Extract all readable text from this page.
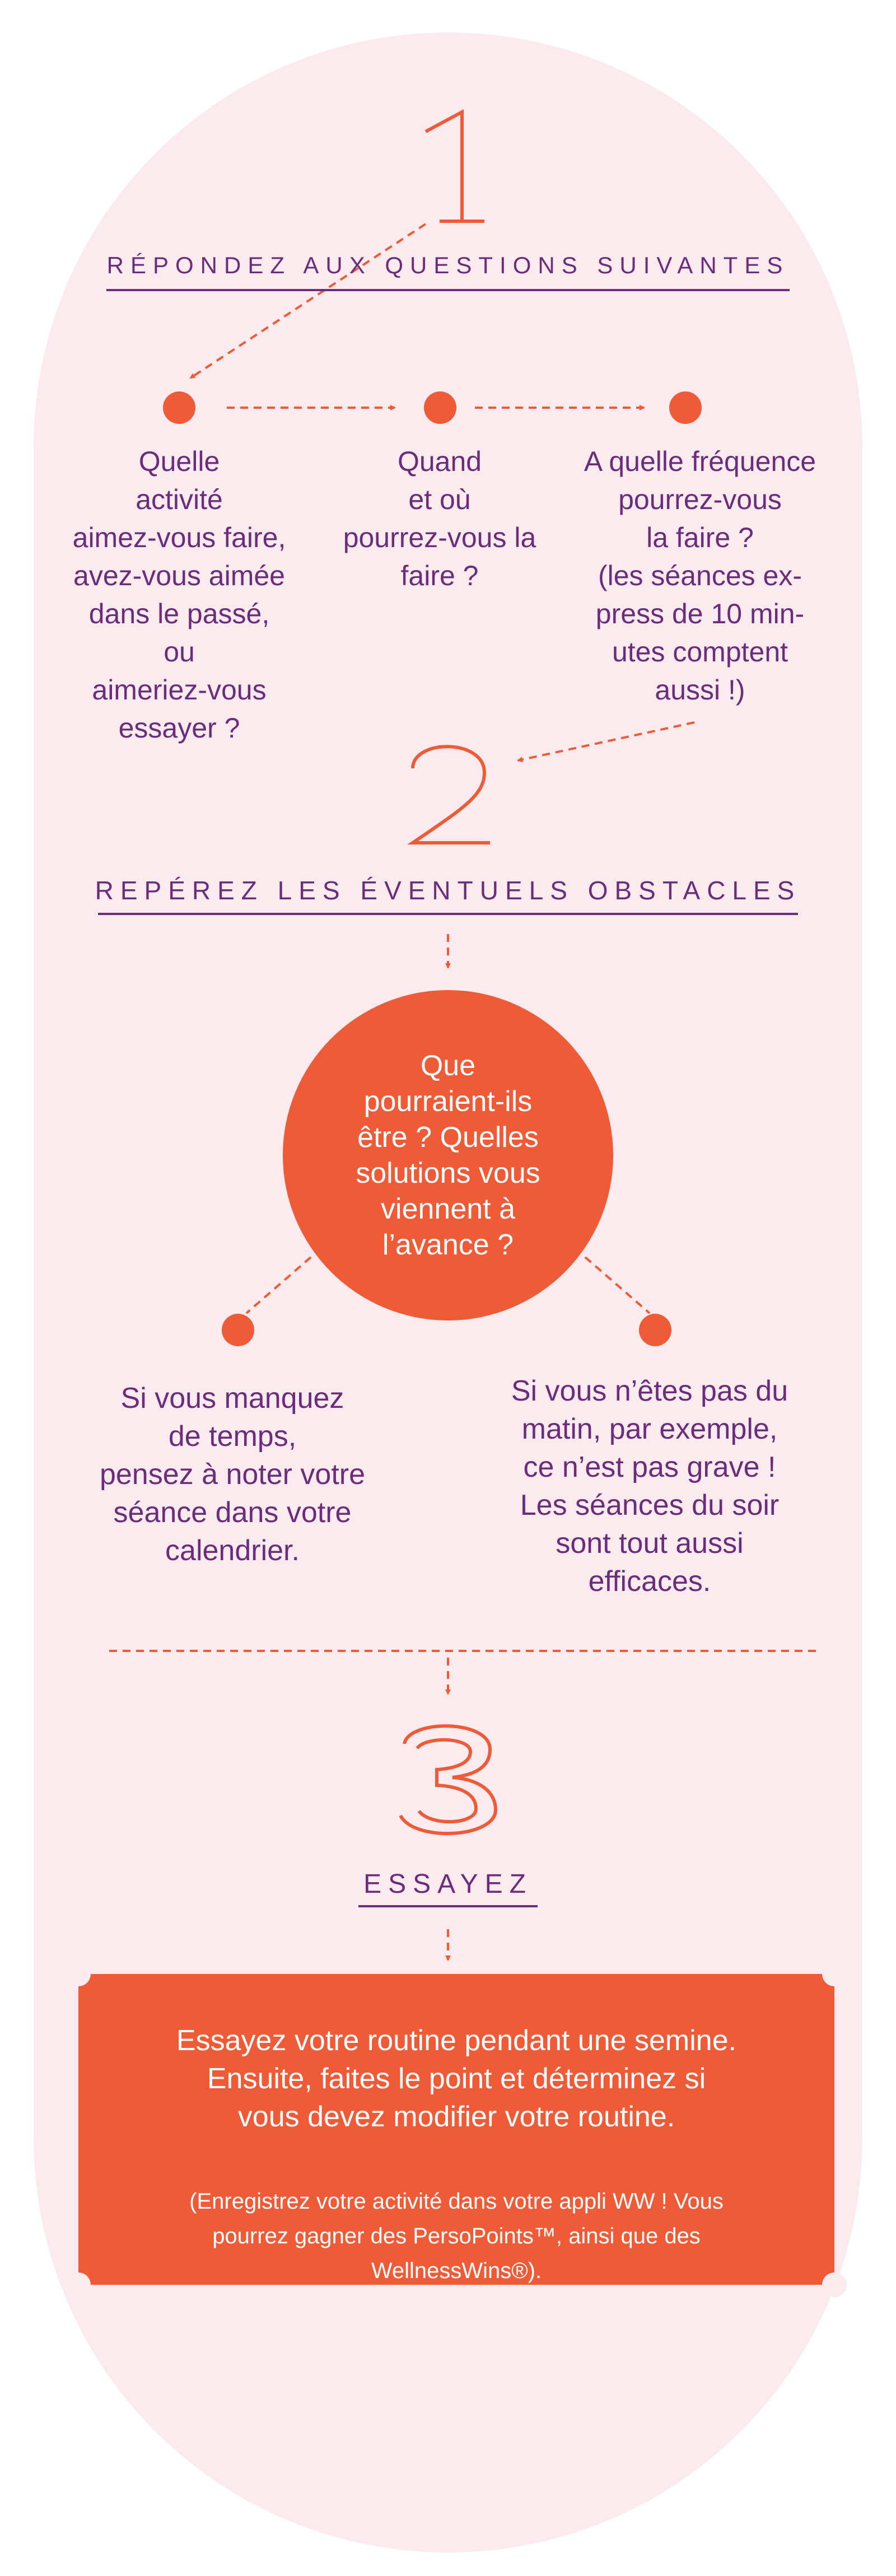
1
RÉPONDEZ AUX QUESTIONS SUIVANTES
Quelle
activité
aimez-vous faire,
avez-vous aimée
dans le passé,
ou
aimeriez-vous
essayer ?
Quand
et où
pourrez-vous la
faire ?
A quelle fréquence
pourrez-vous
la faire ?
(les séances ex-
press de 10 min-
utes comptent
aussi !)
2
REPÉREZ LES ÉVENTUELS OBSTACLES
Que
pourraient-ils
être ? Quelles
solutions vous
viennent à
l’avance ?
Si vous manquez
de temps,
pensez à noter votre
séance dans votre
calendrier.
Si vous n’êtes pas du
matin, par exemple,
ce n’est pas grave !
Les séances du soir
sont tout aussi
efficaces.
3
ESSAYEZ
Essayez votre routine pendant une semine.
Ensuite, faites le point et déterminez si
vous devez modifier votre routine.
(Enregistrez votre activité dans votre appli WW ! Vous
pourrez gagner des PersoPoints™, ainsi que des
WellnessWins®).
